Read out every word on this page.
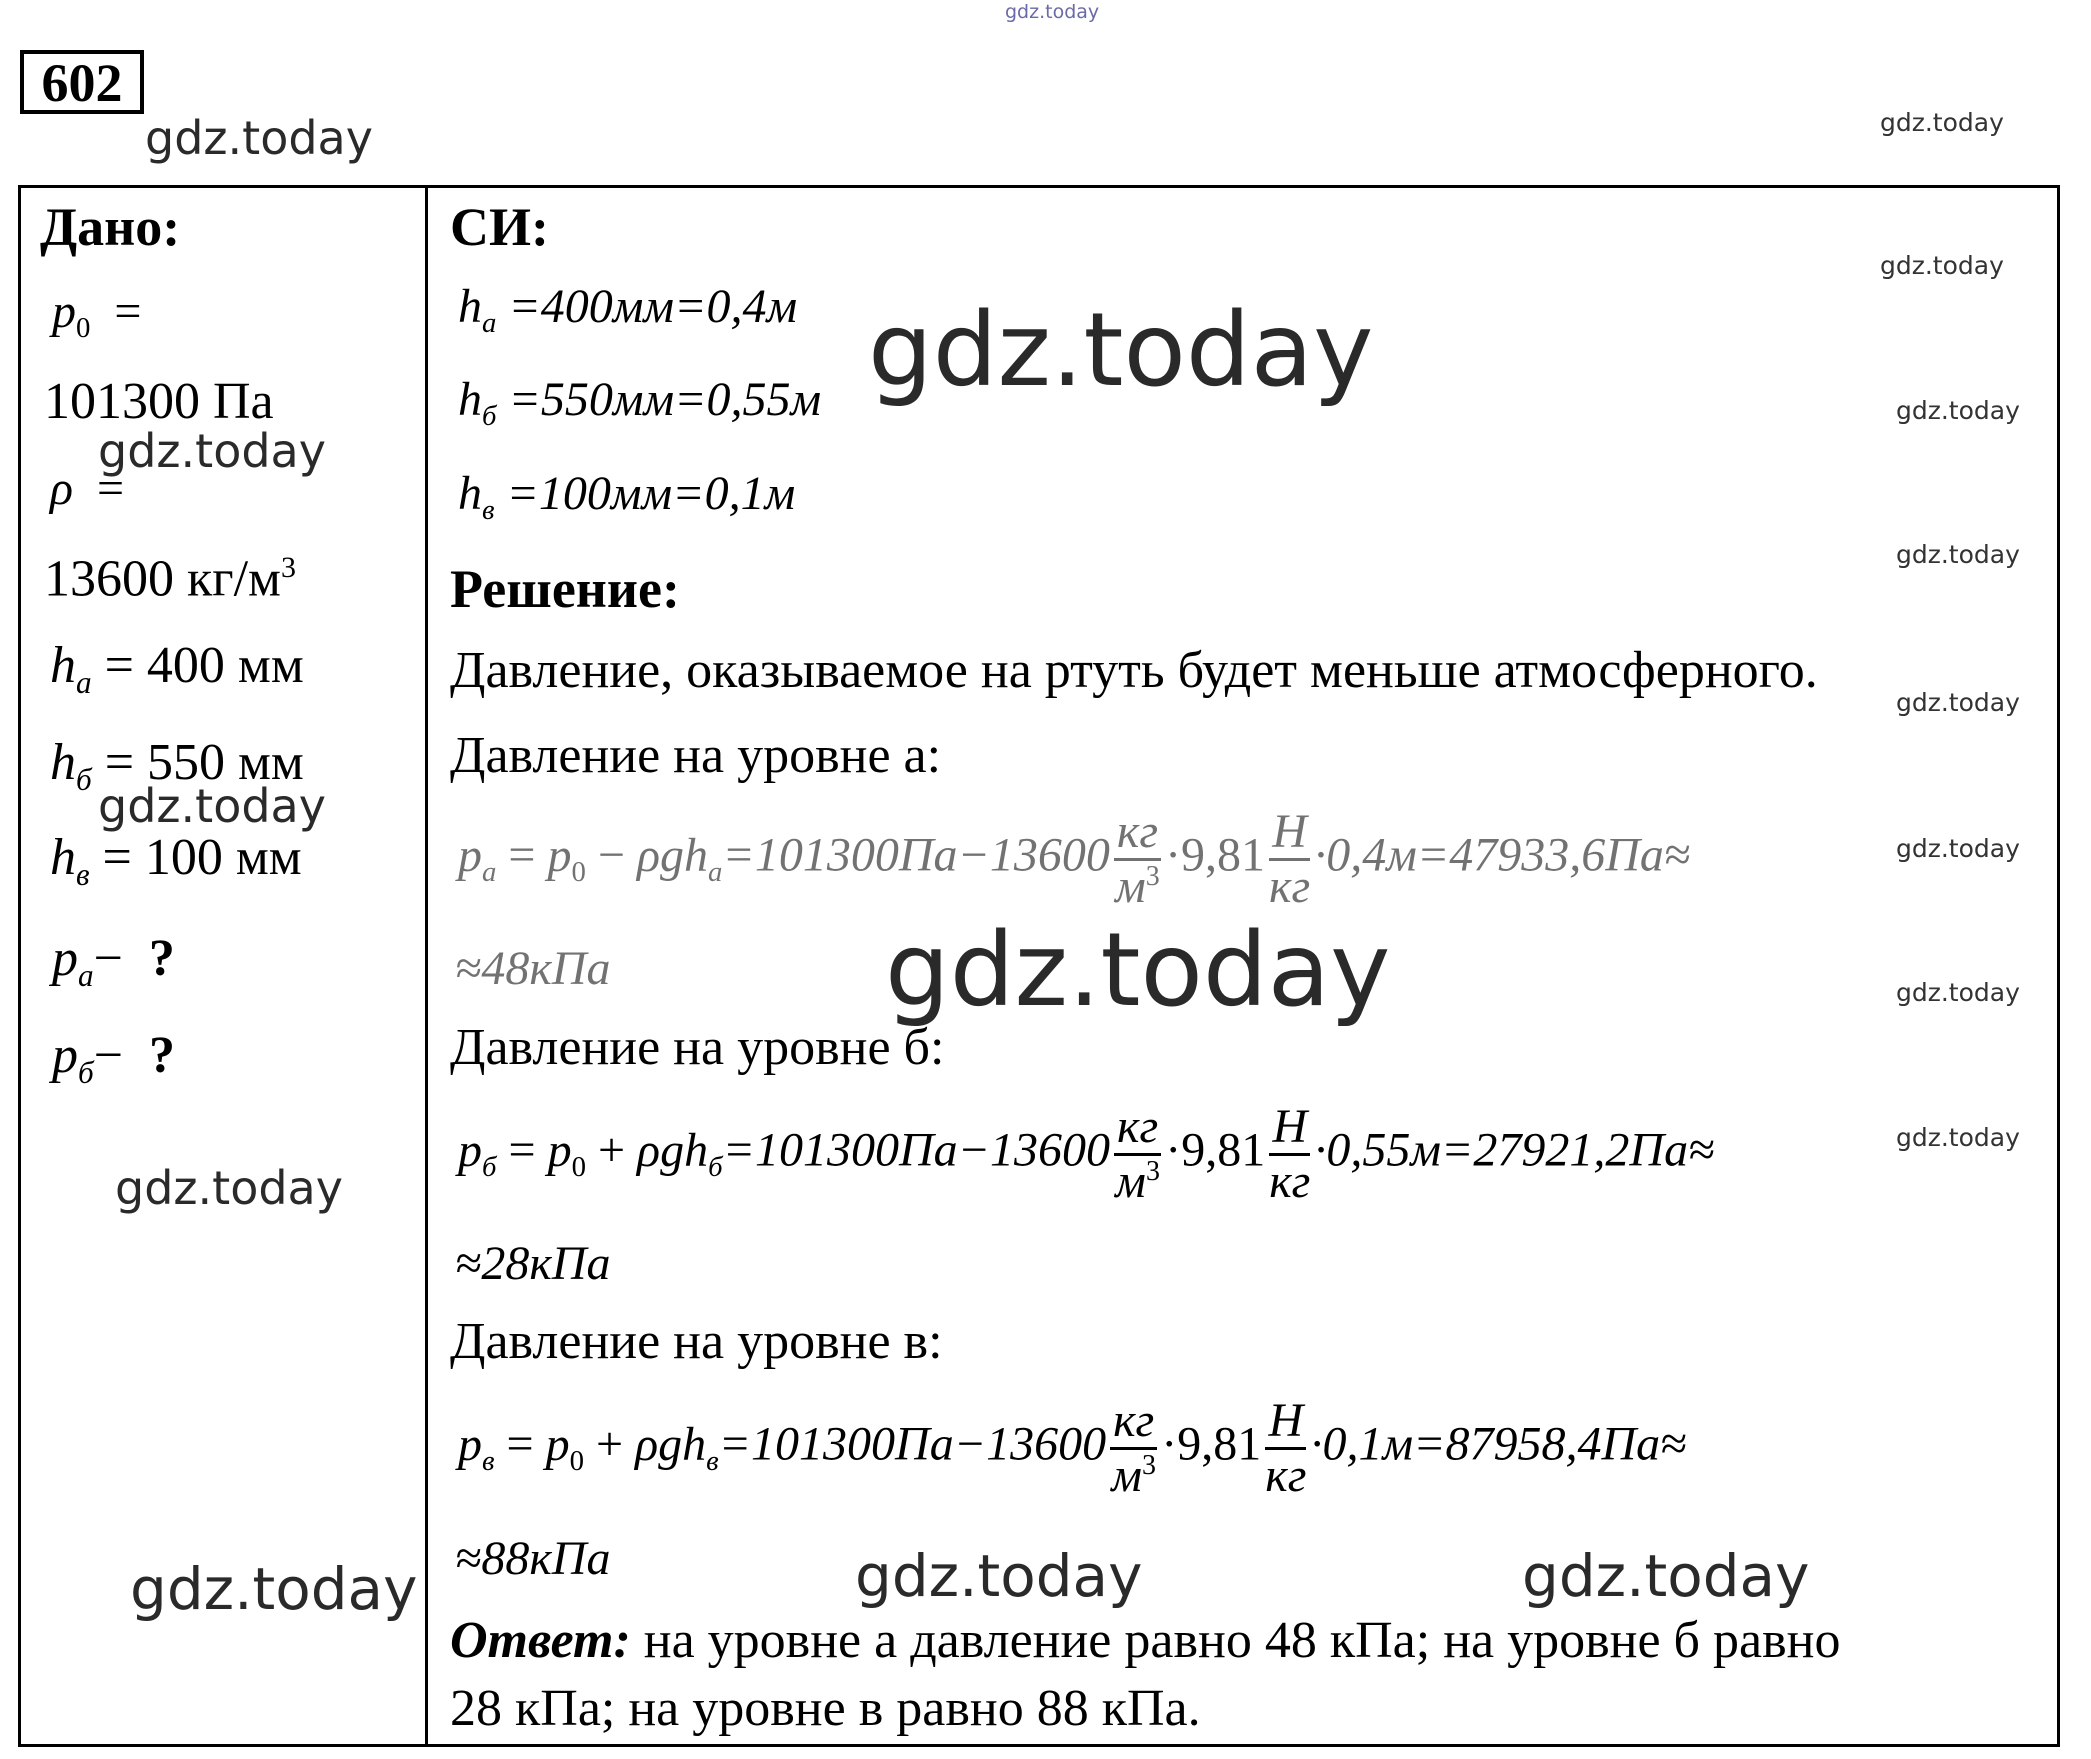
gdz.today
gdz.today	gdz.today
gdz.today
gdz.today
gdz.today
gdz.today
gdz.today
gdz.today
gdz.today
602
Дано:
$p_0$  =
101300 Па
ρ  =
13600 $кг/м^3$
$h_a = 400$ мм
$h_б = 550$ мм
$h_в = 100$ мм
$p_a-$  ?
$p_б-$  ?
СИ:
$h_a =400мм=0,4м$
$h_б =550мм=0,55м$
$h_в =100мм=0,1м$
Решение:
Давление, оказываемое на ртуть будет меньше атмосферного.
Давление на уровне а:
$p_a = p_0 - \rho gh_a=101300Па-13600 \frac{кг}{м^3} \cdot 9,81 \frac{Н}{кг} \cdot 0,4м=47933,6Па\approx$
≈48кПа
Давление на уровне б:
$p_б = p_0 + \rho gh_б=101300Па-13600 \frac{кг}{м^3} \cdot 9,81 \frac{Н}{кг} \cdot 0,55м=27921,2Па\approx$
≈28кПа
Давление на уровне в:
$p_в = p_0 + \rho gh_в=101300Па-13600 \frac{кг}{м^3} \cdot 9,81 \frac{Н}{кг} \cdot 0,1м=87958,4Па\approx$
≈88кПа
Ответ: на уровне а давление равно 48 кПа; на уровне б равно
28 кПа; на уровне в равно 88 кПа.
gdz.today
gdz.today
gdz.today
gdz.today
gdz.today
gdz.today	gdz.today	gdz.today
